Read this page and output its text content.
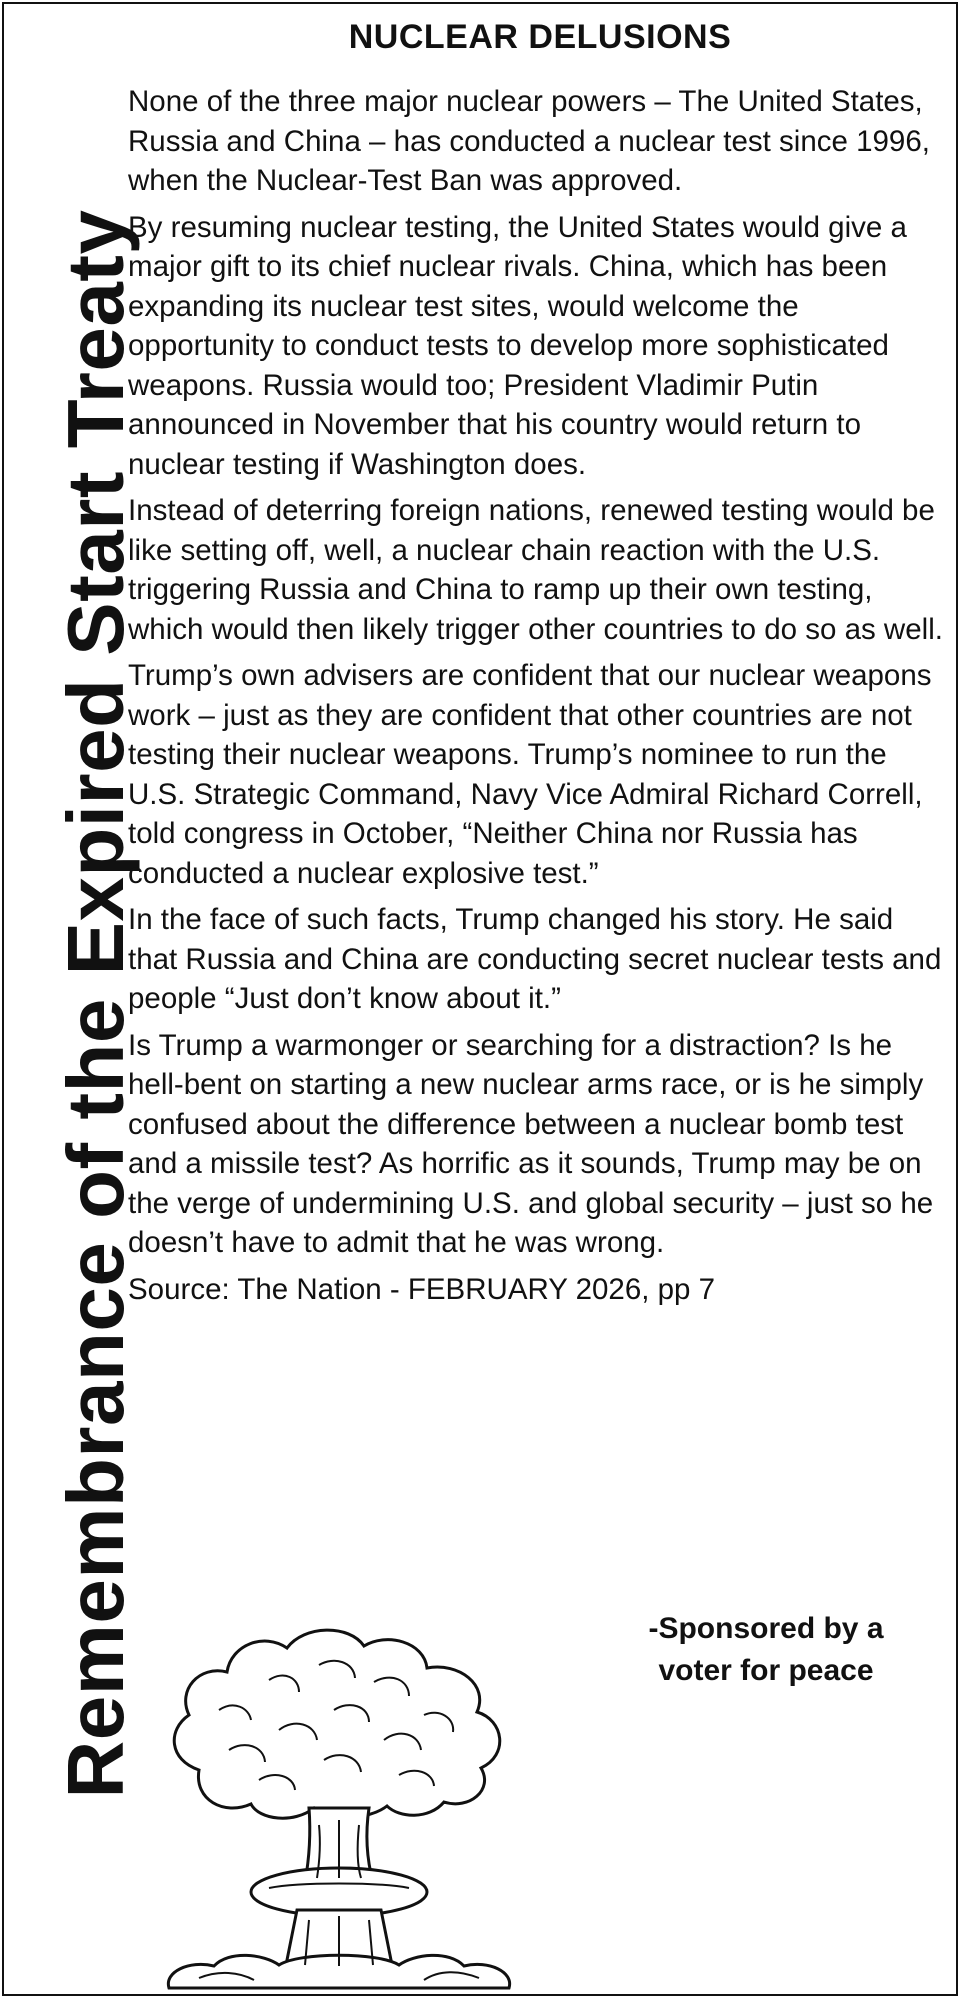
NUCLEAR DELUSIONS
Remembrance of the Expired Start Treaty

None of the three major nuclear powers – The United States, Russia and China – has conducted a nuclear test since 1996, when the Nuclear-Test Ban was approved.

By resuming nuclear testing, the United States would give a major gift to its chief nuclear rivals. China, which has been expanding its nuclear test sites, would welcome the opportunity to conduct tests to develop more sophisticated weapons. Russia would too; President Vladimir Putin announced in November that his country would return to nuclear testing if Washington does.

Instead of deterring foreign nations, renewed testing would be like setting off, well, a nuclear chain reaction with the U.S. triggering Russia and China to ramp up their own testing, which would then likely trigger other countries to do so as well.

Trump’s own advisers are confident that our nuclear weapons work – just as they are confident that other countries are not testing their nuclear weapons. Trump’s nominee to run the U.S. Strategic Command, Navy Vice Admiral Richard Correll, told congress in October, “Neither China nor Russia has conducted a nuclear explosive test.”

In the face of such facts, Trump changed his story. He said that Russia and China are conducting secret nuclear tests and people “Just don’t know about it.”

Is Trump a warmonger or searching for a distraction? Is he hell-bent on starting a new nuclear arms race, or is he simply confused about the difference between a nuclear bomb test and a missile test? As horrific as it sounds, Trump may be on the verge of undermining U.S. and global security – just so he doesn’t have to admit that he was wrong.

Source: The Nation - FEBRUARY 2026, pp 7

-Sponsored by a
voter for peace
